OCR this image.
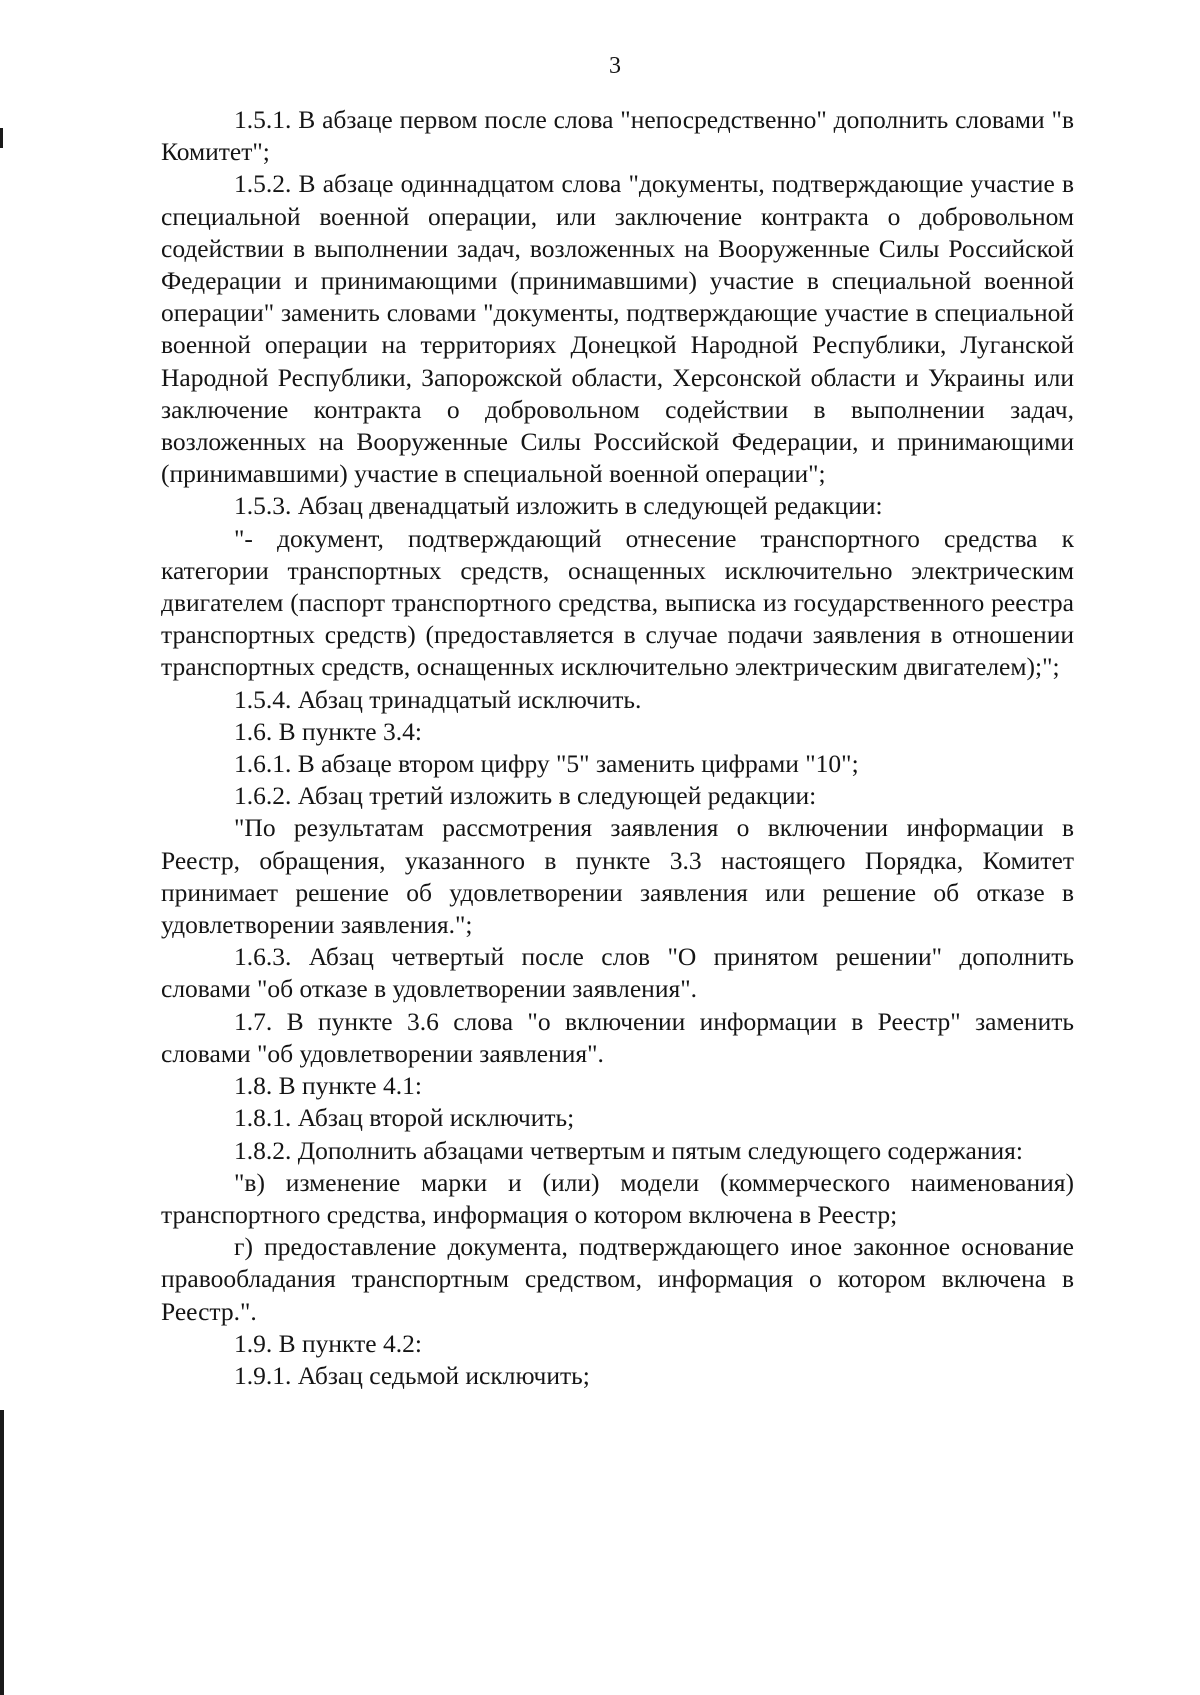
3

1.5.1. В абзаце первом после слова "непосредственно" дополнить словами "в Комитет";

1.5.2. В абзаце одиннадцатом слова "документы, подтверждающие участие в специальной военной операции, или заключение контракта о добровольном содействии в выполнении задач, возложенных на Вооруженные Силы Российской Федерации и принимающими (принимавшими) участие в специальной военной операции" заменить словами "документы, подтверждающие участие в специальной военной операции на территориях Донецкой Народной Республики, Луганской Народной Республики, Запорожской области, Херсонской области и Украины или заключение контракта о добровольном содействии в выполнении задач, возложенных на Вооруженные Силы Российской Федерации, и принимающими (принимавшими) участие в специальной военной операции";

1.5.3. Абзац двенадцатый изложить в следующей редакции:

"- документ, подтверждающий отнесение транспортного средства к категории транспортных средств, оснащенных исключительно электрическим двигателем (паспорт транспортного средства, выписка из государственного реестра транспортных средств) (предоставляется в случае подачи заявления в отношении транспортных средств, оснащенных исключительно электрическим двигателем);";

1.5.4. Абзац тринадцатый исключить.

1.6. В пункте 3.4:

1.6.1. В абзаце втором цифру "5" заменить цифрами "10";

1.6.2. Абзац третий изложить в следующей редакции:

"По результатам рассмотрения заявления о включении информации в Реестр, обращения, указанного в пункте 3.3 настоящего Порядка, Комитет принимает решение об удовлетворении заявления или решение об отказе в удовлетворении заявления.";

1.6.3. Абзац четвертый после слов "О принятом решении" дополнить словами "об отказе в удовлетворении заявления".

1.7. В пункте 3.6 слова "о включении информации в Реестр" заменить словами "об удовлетворении заявления".

1.8. В пункте 4.1:

1.8.1. Абзац второй исключить;

1.8.2. Дополнить абзацами четвертым и пятым следующего содержания:

"в) изменение марки и (или) модели (коммерческого наименования) транспортного средства, информация о котором включена в Реестр;

г) предоставление документа, подтверждающего иное законное основание правообладания транспортным средством, информация о котором включена в Реестр.".

1.9. В пункте 4.2:

1.9.1. Абзац седьмой исключить;
